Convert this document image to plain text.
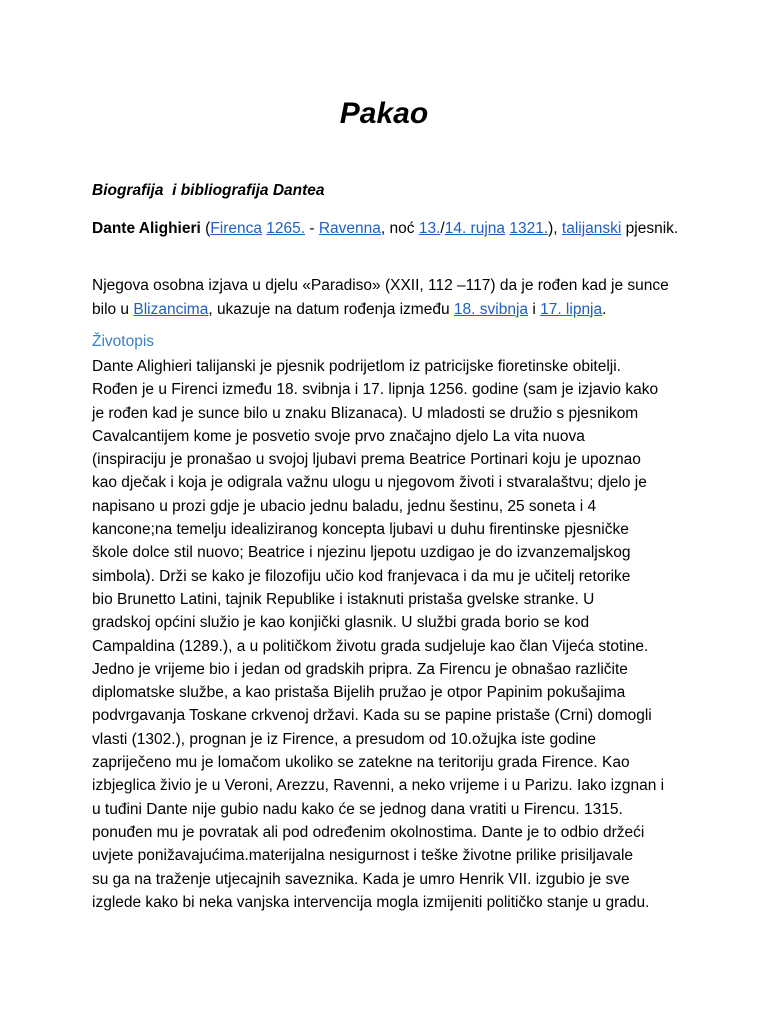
Pakao
Biografija  i bibliografija Dantea
Dante Alighieri (Firenca 1265. - Ravenna, noć 13./14. rujna 1321.), talijanski pjesnik.
Njegova osobna izjava u djelu «Paradiso» (XXII, 112 –117) da je rođen kad je sunce bilo u Blizancima, ukazuje na datum rođenja između 18. svibnja i 17. lipnja.
Životopis
Dante Alighieri talijanski je pjesnik podrijetlom iz patricijske fioretinske obitelji.
Rođen je u Firenci između 18. svibnja i 17. lipnja 1256. godine (sam je izjavio kako
je rođen kad je sunce bilo u znaku Blizanaca). U mladosti se družio s pjesnikom
Cavalcantijem kome je posvetio svoje prvo značajno djelo La vita nuova
(inspiraciju je pronašao u svojoj ljubavi prema Beatrice Portinari koju je upoznao
kao dječak i koja je odigrala važnu ulogu u njegovom životi i stvaralaštvu; djelo je
napisano u prozi gdje je ubacio jednu baladu, jednu šestinu, 25 soneta i 4
kancone;na temelju idealiziranog koncepta ljubavi u duhu firentinske pjesničke
škole dolce stil nuovo; Beatrice i njezinu ljepotu uzdigao je do izvanzemaljskog
simbola). Drži se kako je filozofiju učio kod franjevaca i da mu je učitelj retorike
bio Brunetto Latini, tajnik Republike i istaknuti pristaša gvelske stranke. U
gradskoj općini služio je kao konjički glasnik. U službi grada borio se kod
Campaldina (1289.), a u političkom životu grada sudjeluje kao član Vijeća stotine.
Jedno je vrijeme bio i jedan od gradskih pripra. Za Firencu je obnašao različite
diplomatske službe, a kao pristaša Bijelih pružao je otpor Papinim pokušajima
podvrgavanja Toskane crkvenoj državi. Kada su se papine pristaše (Crni) domogli
vlasti (1302.), prognan je iz Firence, a presudom od 10.ožujka iste godine
zapriječeno mu je lomačom ukoliko se zatekne na teritoriju grada Firence. Kao
izbjeglica živio je u Veroni, Arezzu, Ravenni, a neko vrijeme i u Parizu. Iako izgnan i
u tuđini Dante nije gubio nadu kako će se jednog dana vratiti u Firencu. 1315.
ponuđen mu je povratak ali pod određenim okolnostima. Dante je to odbio držeći
uvjete ponižavajućima.materijalna nesigurnost i teške životne prilike prisiljavale
su ga na traženje utjecajnih saveznika. Kada je umro Henrik VII. izgubio je sve
izglede kako bi neka vanjska intervencija mogla izmijeniti političko stanje u gradu.
